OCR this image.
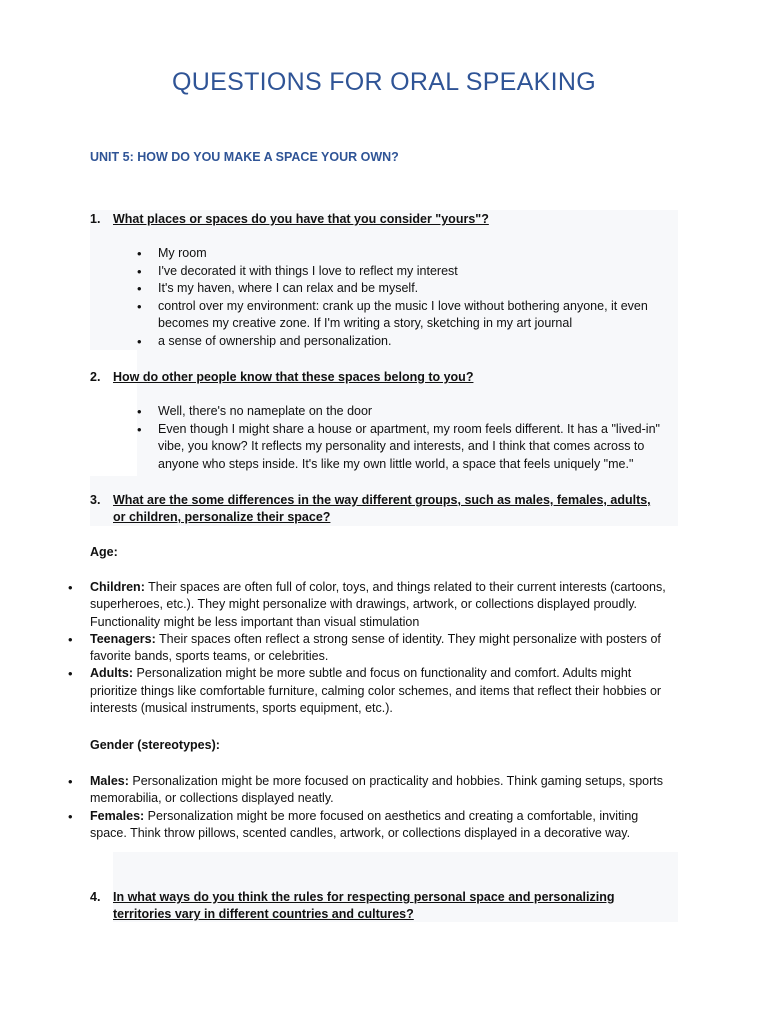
QUESTIONS FOR ORAL SPEAKING
UNIT 5: HOW DO YOU MAKE A SPACE YOUR OWN?
1. What places or spaces do you have that you consider "yours"?
• My room
• I've decorated it with things I love to reflect my interest
• It's my haven, where I can relax and be myself.
• control over my environment: crank up the music I love without bothering anyone, it even becomes my creative zone. If I'm writing a story, sketching in my art journal
• a sense of ownership and personalization.
2. How do other people know that these spaces belong to you?
• Well, there's no nameplate on the door
• Even though I might share a house or apartment, my room feels different. It has a "lived-in" vibe, you know? It reflects my personality and interests, and I think that comes across to anyone who steps inside. It's like my own little world, a space that feels uniquely "me."
3. What are the some differences in the way different groups, such as males, females, adults, or children, personalize their space?
Age:
• Children: Their spaces are often full of color, toys, and things related to their current interests (cartoons, superheroes, etc.). They might personalize with drawings, artwork, or collections displayed proudly. Functionality might be less important than visual stimulation
• Teenagers: Their spaces often reflect a strong sense of identity. They might personalize with posters of favorite bands, sports teams, or celebrities.
• Adults: Personalization might be more subtle and focus on functionality and comfort. Adults might prioritize things like comfortable furniture, calming color schemes, and items that reflect their hobbies or interests (musical instruments, sports equipment, etc.).
Gender (stereotypes):
• Males: Personalization might be more focused on practicality and hobbies. Think gaming setups, sports memorabilia, or collections displayed neatly.
• Females: Personalization might be more focused on aesthetics and creating a comfortable, inviting space. Think throw pillows, scented candles, artwork, or collections displayed in a decorative way.
4. In what ways do you think the rules for respecting personal space and personalizing territories vary in different countries and cultures?
